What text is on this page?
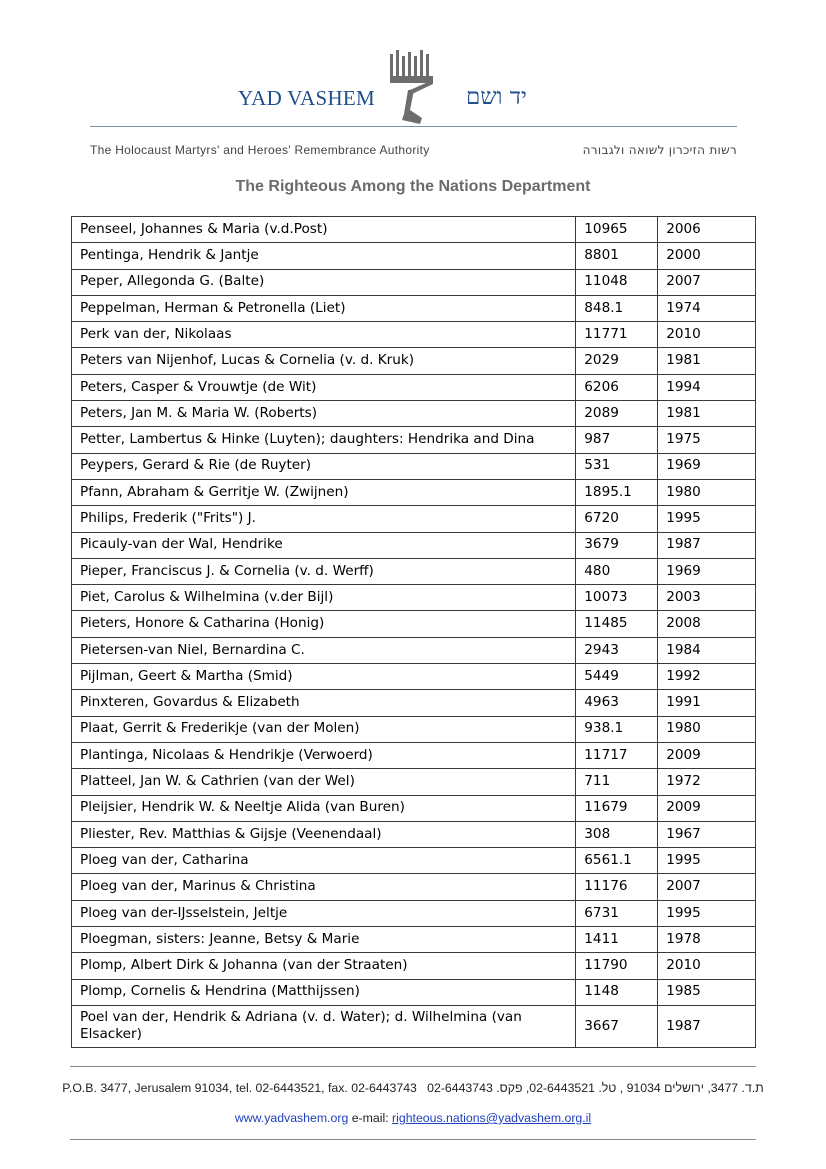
YAD VASHEM	יד ושם
The Holocaust Martyrs' and Heroes' Remembrance Authority	רשות הזיכרון לשואה ולגבורה
The Righteous Among the Nations Department
Penseel, Johannes & Maria (v.d.Post)	10965	2006
Pentinga, Hendrik & Jantje	8801	2000
Peper, Allegonda G. (Balte)	11048	2007
Peppelman, Herman & Petronella (Liet)	848.1	1974
Perk van der, Nikolaas	11771	2010
Peters van Nijenhof, Lucas & Cornelia (v. d. Kruk)	2029	1981
Peters, Casper & Vrouwtje (de Wit)	6206	1994
Peters, Jan M. & Maria W. (Roberts)	2089	1981
Petter, Lambertus & Hinke (Luyten); daughters: Hendrika and Dina	987	1975
Peypers, Gerard & Rie (de Ruyter)	531	1969
Pfann, Abraham & Gerritje W. (Zwijnen)	1895.1	1980
Philips, Frederik ("Frits") J.	6720	1995
Picauly-van der Wal, Hendrike	3679	1987
Pieper, Franciscus J. & Cornelia (v. d. Werff)	480	1969
Piet, Carolus & Wilhelmina (v.der Bijl)	10073	2003
Pieters, Honore & Catharina (Honig)	11485	2008
Pietersen-van Niel, Bernardina C.	2943	1984
Pijlman, Geert & Martha (Smid)	5449	1992
Pinxteren, Govardus & Elizabeth	4963	1991
Plaat, Gerrit & Frederikje (van der Molen)	938.1	1980
Plantinga, Nicolaas & Hendrikje (Verwoerd)	11717	2009
Platteel, Jan W. & Cathrien (van der Wel)	711	1972
Pleijsier, Hendrik W. & Neeltje Alida (van Buren)	11679	2009
Pliester, Rev. Matthias & Gijsje (Veenendaal)	308	1967
Ploeg van der, Catharina	6561.1	1995
Ploeg van der, Marinus & Christina	11176	2007
Ploeg van der-IJsselstein, Jeltje	6731	1995
Ploegman, sisters: Jeanne, Betsy & Marie	1411	1978
Plomp, Albert Dirk & Johanna (van der Straaten)	11790	2010
Plomp, Cornelis & Hendrina (Matthijssen)	1148	1985
Poel van der, Hendrik & Adriana (v. d. Water); d. Wilhelmina (van Elsacker)	3667	1987
P.O.B. 3477, Jerusalem 91034, tel. 02-6443521, fax. 02-6443743 ת.ד. 3477, ירושלים 91034 , טל. 02-6443521, פקס. 02-6443743
www.yadvashem.org e-mail: righteous.nations@yadvashem.org.il
